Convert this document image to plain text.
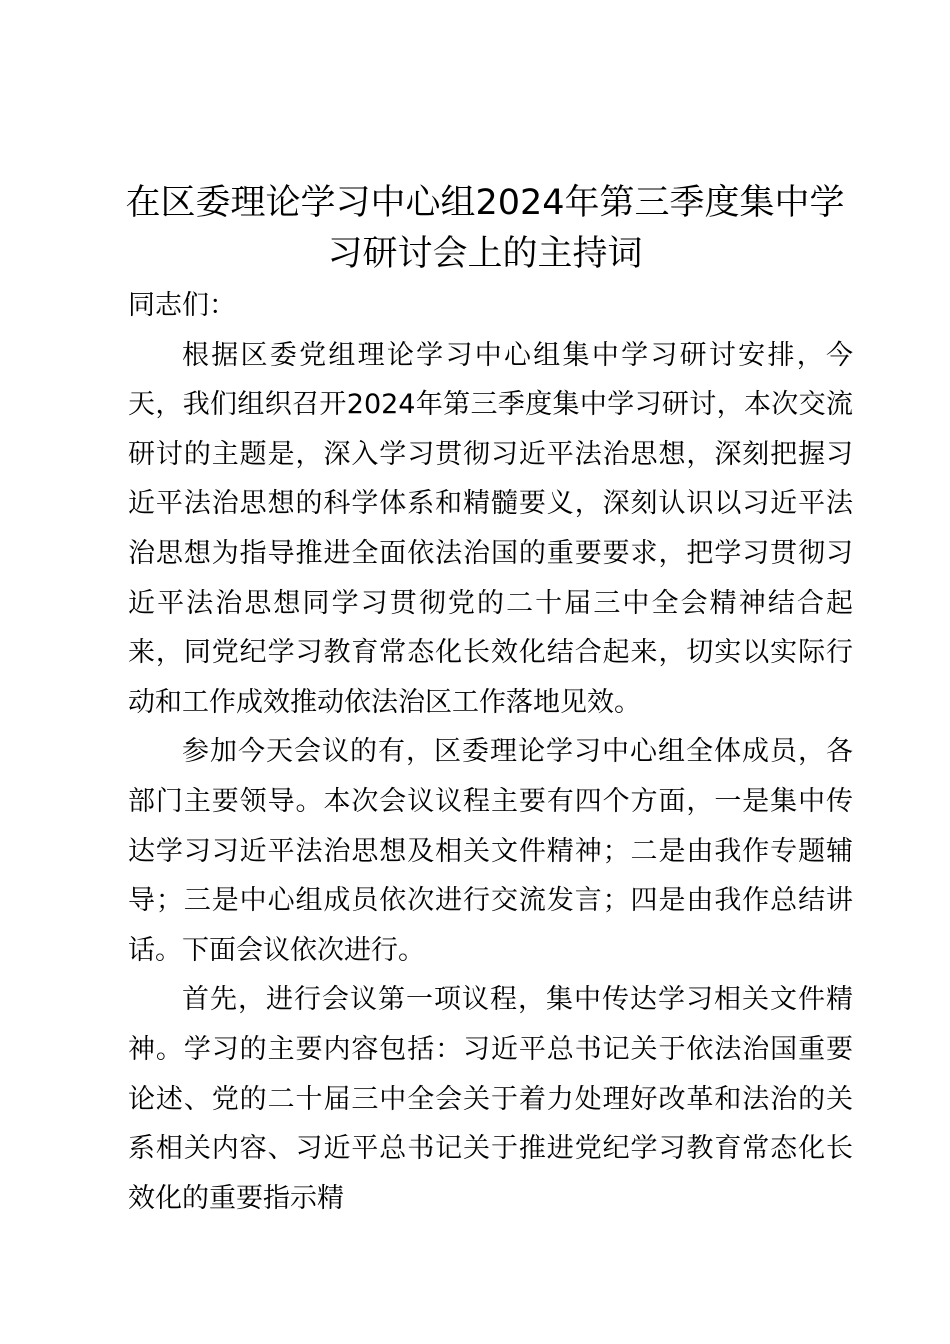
在区委理论学习中心组2024年第三季度集中学习研讨会上的主持词

同志们：

根据区委党组理论学习中心组集中学习研讨安排，今天，我们组织召开2024年第三季度集中学习研讨，本次交流研讨的主题是，深入学习贯彻习近平法治思想，深刻把握习近平法治思想的科学体系和精髓要义，深刻认识以习近平法治思想为指导推进全面依法治国的重要要求，把学习贯彻习近平法治思想同学习贯彻党的二十届三中全会精神结合起来，同党纪学习教育常态化长效化结合起来，切实以实际行动和工作成效推动依法治区工作落地见效。

参加今天会议的有，区委理论学习中心组全体成员，各部门主要领导。本次会议议程主要有四个方面，一是集中传达学习习近平法治思想及相关文件精神；二是由我作专题辅导；三是中心组成员依次进行交流发言；四是由我作总结讲话。下面会议依次进行。

首先，进行会议第一项议程，集中传达学习相关文件精神。学习的主要内容包括：习近平总书记关于依法治国重要论述、党的二十届三中全会关于着力处理好改革和法治的关系相关内容、习近平总书记关于推进党纪学习教育常态化长效化的重要指示精
